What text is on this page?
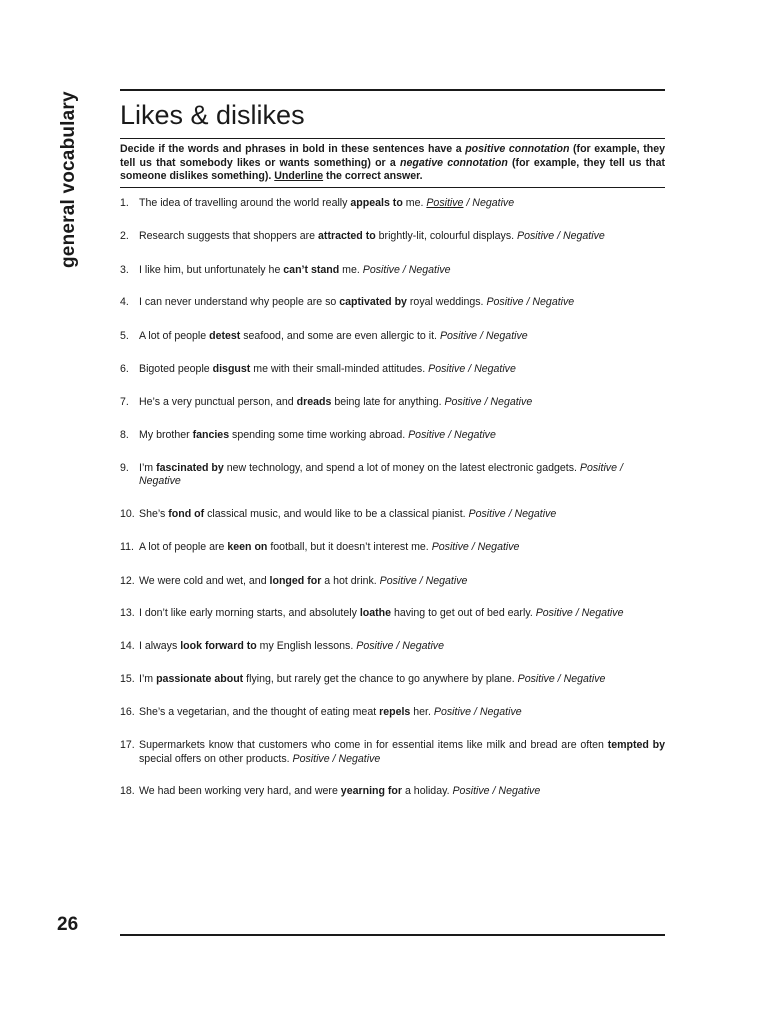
general vocabulary Likes & dislikes

Decide if the words and phrases in bold in these sentences have a positive connotation (for example, they tell us that somebody likes or wants something) or a negative connotation (for example, they tell us that someone dislikes something). Underline the correct answer.

1. The idea of travelling around the world really appeals to me. Positive / Negative
2. Research suggests that shoppers are attracted to brightly-lit, colourful displays. Positive / Negative
3. I like him, but unfortunately he can’t stand me. Positive / Negative
4. I can never understand why people are so captivated by royal weddings. Positive / Negative
5. A lot of people detest seafood, and some are even allergic to it. Positive / Negative
6. Bigoted people disgust me with their small-minded attitudes. Positive / Negative
7. He’s a very punctual person, and dreads being late for anything. Positive / Negative
8. My brother fancies spending some time working abroad. Positive / Negative
9. I’m fascinated by new technology, and spend a lot of money on the latest electronic gadgets. Positive / Negative
10. She’s fond of classical music, and would like to be a classical pianist. Positive / Negative
11. A lot of people are keen on football, but it doesn’t interest me. Positive / Negative
12. We were cold and wet, and longed for a hot drink. Positive / Negative
13. I don’t like early morning starts, and absolutely loathe having to get out of bed early. Positive / Negative
14. I always look forward to my English lessons. Positive / Negative
15. I’m passionate about flying, but rarely get the chance to go anywhere by plane. Positive / Negative
16. She’s a vegetarian, and the thought of eating meat repels her. Positive / Negative
17. Supermarkets know that customers who come in for essential items like milk and bread are often tempted by special offers on other products. Positive / Negative
18. We had been working very hard, and were yearning for a holiday. Positive / Negative
26
